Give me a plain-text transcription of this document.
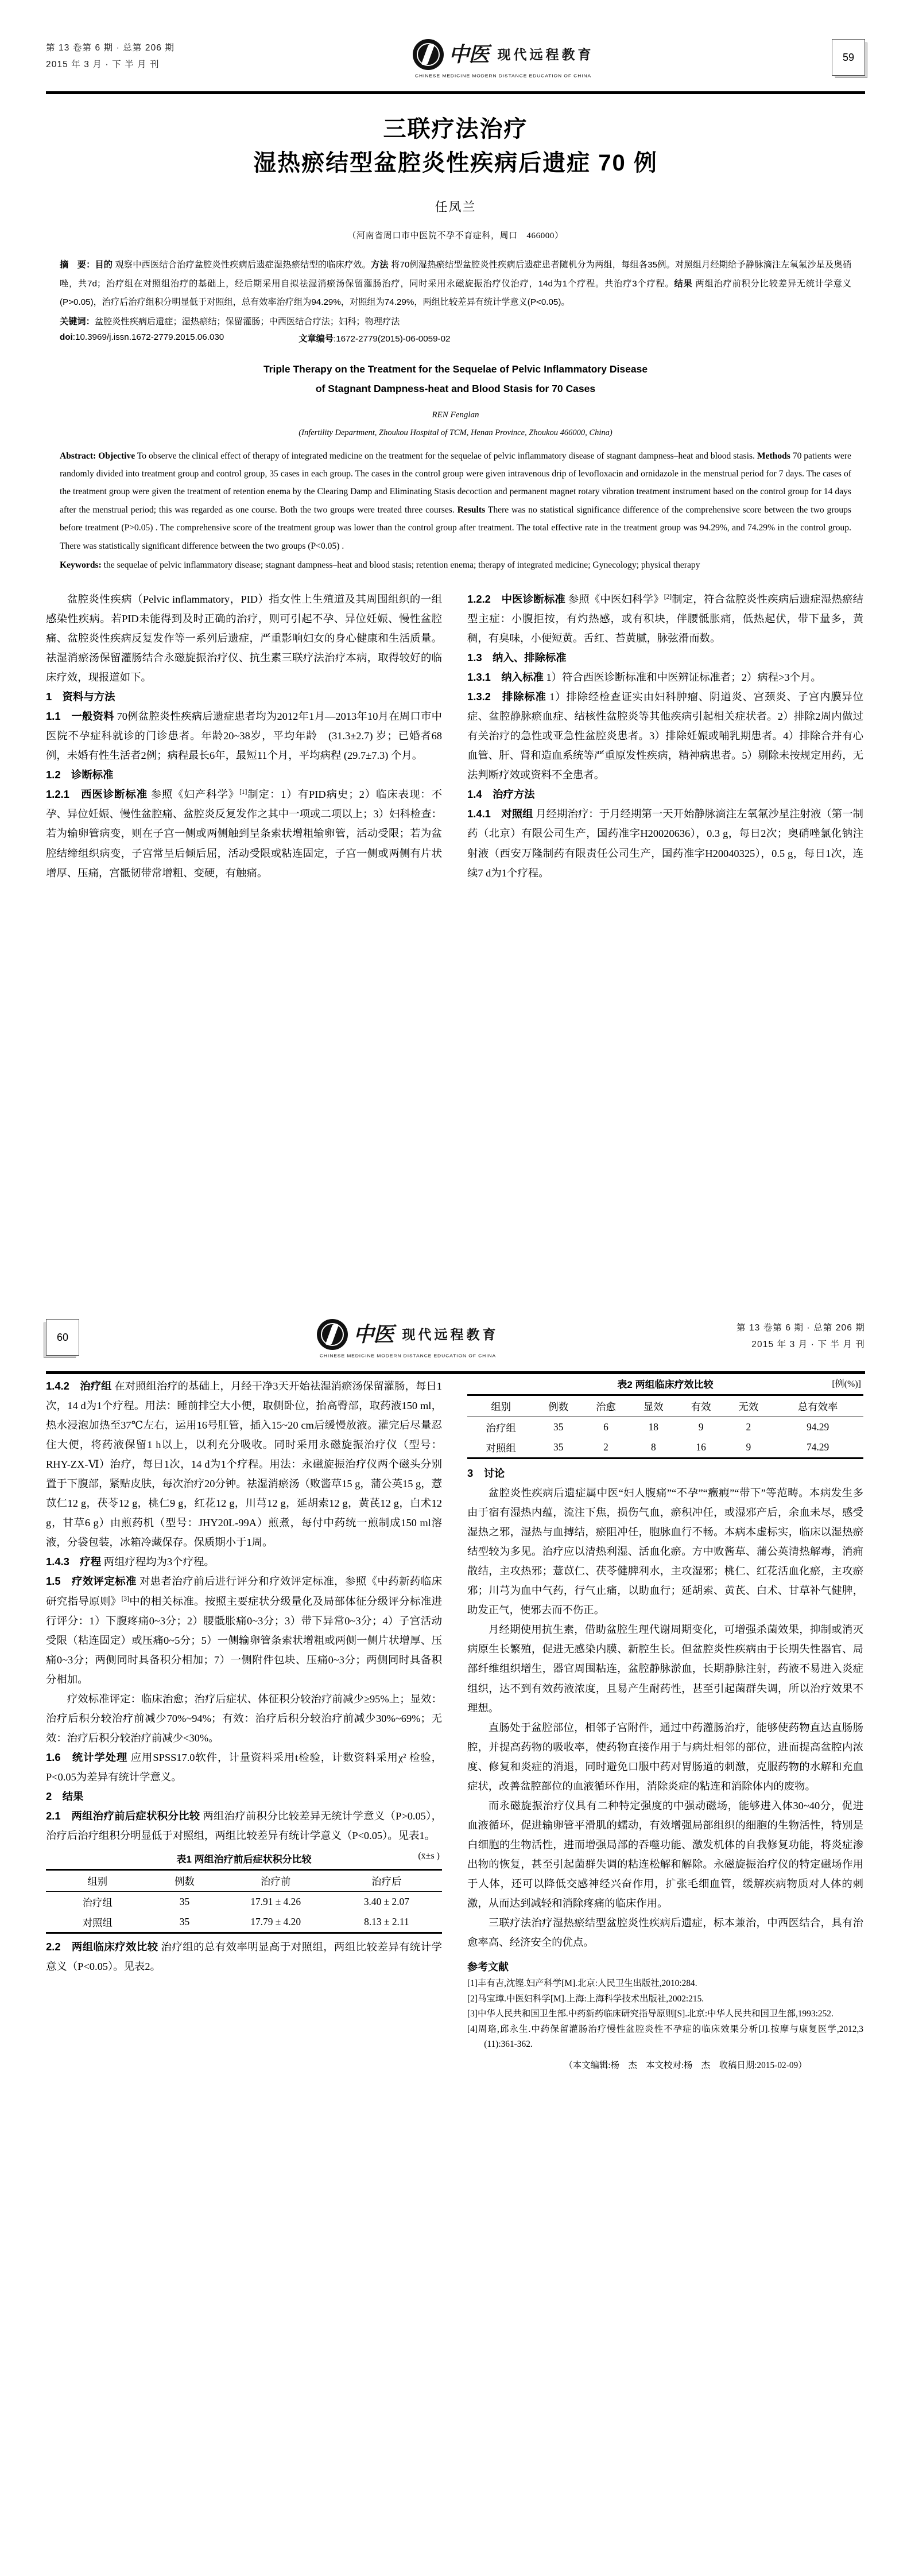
第 13 卷第 6 期 · 总第 206 期
2015 年 3 月 · 下 半 月 刊	中医 现代远程教育
CHINESE MEDICINE MODERN DISTANCE EDUCATION OF CHINA
59
三联疗法治疗
湿热瘀结型盆腔炎性疾病后遗症 70 例
任凤兰
（河南省周口市中医院不孕不育症科，周口　466000）
摘　要：目的 观察中西医结合治疗盆腔炎性疾病后遗症湿热瘀结型的临床疗效。方法 将70例湿热瘀结型盆腔炎性疾病后遗症患者随机分为两组，每组各35例。对照组月经期给予静脉滴注左氧氟沙星及奥硝唑，共7d；治疗组在对照组治疗的基础上，经后期采用自拟祛湿消瘀汤保留灌肠治疗，同时采用永磁旋振治疗仪治疗，14d为1个疗程。共治疗3个疗程。结果 两组治疗前积分比较差异无统计学意义(P>0.05)，治疗后治疗组积分明显低于对照组，总有效率治疗组为94.29%，对照组为74.29%，两组比较差异有统计学意义(P<0.05)。
关键词：盆腔炎性疾病后遗症；湿热瘀结；保留灌肠；中西医结合疗法；妇科；物理疗法
doi:10.3969/j.issn.1672-2779.2015.06.030	文章编号:1672-2779(2015)-06-0059-02
Triple Therapy on the Treatment for the Sequelae of Pelvic Inflammatory Disease
of Stagnant Dampness-heat and Blood Stasis for 70 Cases
REN Fenglan
(Infertility Department, Zhoukou Hospital of TCM, Henan Province, Zhoukou 466000, China)
Abstract: Objective To observe the clinical effect of therapy of integrated medicine on the treatment for the sequelae of pelvic inflammatory disease of stagnant dampness–heat and blood stasis. Methods 70 patients were randomly divided into treatment group and control group, 35 cases in each group. The cases in the control group were given intravenous drip of levofloxacin and ornidazole in the menstrual period for 7 days. The cases of the treatment group were given the treatment of retention enema by the Clearing Damp and Eliminating Stasis decoction and permanent magnet rotary vibration treatment instrument based on the control group for 14 days after the menstrual period; this was regarded as one course. Both the two groups were treated three courses. Results There was no statistical significance difference of the comprehensive score between the two groups before treatment (P>0.05) . The comprehensive score of the treatment group was lower than the control group after treatment. The total effective rate in the treatment group was 94.29%, and 74.29% in the control group. There was statistically significant difference between the two groups (P<0.05) .
Keywords: the sequelae of pelvic inflammatory disease; stagnant dampness–heat and blood stasis; retention enema; therapy of integrated medicine; Gynecology; physical therapy

盆腔炎性疾病（Pelvic inflammatory，PID）指女性上生殖道及其周围组织的一组感染性疾病。若PID未能得到及时正确的治疗，则可引起不孕、异位妊娠、慢性盆腔痛、盆腔炎性疾病反复发作等一系列后遗症，严重影响妇女的身心健康和生活质量。祛湿消瘀汤保留灌肠结合永磁旋振治疗仪、抗生素三联疗法治疗本病，取得较好的临床疗效，现报道如下。

1　资料与方法

1.1　一般资料 70例盆腔炎性疾病后遗症患者均为2012年1月—2013年10月在周口市中医院不孕症科就诊的门诊患者。年龄20~38岁，平均年龄　(31.3±2.7) 岁；已婚者68例，未婚有性生活者2例；病程最长6年，最短11个月，平均病程 (29.7±7.3) 个月。

1.2　诊断标准

1.2.1　西医诊断标准 参照《妇产科学》[1]制定：1）有PID病史；2）临床表现：不孕、异位妊娠、慢性盆腔痛、盆腔炎反复发作之其中一项或二项以上；3）妇科检查：若为输卵管病变，则在子宫一侧或两侧触到呈条索状增粗输卵管，活动受限；若为盆腔结缔组织病变，子宫常呈后倾后屈，活动受限或粘连固定，子宫一侧或两侧有片状增厚、压痛，宫骶韧带常增粗、变硬，有触痛。

1.2.2　中医诊断标准 参照《中医妇科学》[2]制定，符合盆腔炎性疾病后遗症湿热瘀结型主症：小腹拒按，有灼热感，或有积块，伴腰骶胀痛，低热起伏，带下量多，黄稠，有臭味，小便短黄。舌红、苔黄腻，脉弦滑而数。

1.3　纳入、排除标准

1.3.1　纳入标准 1）符合西医诊断标准和中医辨证标准者；2）病程>3个月。

1.3.2　排除标准 1）排除经检查证实由妇科肿瘤、阴道炎、宫颈炎、子宫内膜异位症、盆腔静脉瘀血症、结核性盆腔炎等其他疾病引起相关症状者。2）排除2周内做过有关治疗的急性或亚急性盆腔炎患者。3）排除妊娠或哺乳期患者。4）排除合并有心血管、肝、肾和造血系统等严重原发性疾病，精神病患者。5）剔除未按规定用药，无法判断疗效或资料不全患者。

1.4　治疗方法

1.4.1　对照组 月经期治疗：于月经期第一天开始静脉滴注左氧氟沙星注射液（第一制药（北京）有限公司生产，国药准字H20020636），0.3 g，每日2次；奥硝唑氯化钠注射液（西安万隆制药有限责任公司生产，国药准字H20040325），0.5 g，每日1次，连续7 d为1个疗程。

60	中医 现代远程教育
CHINESE MEDICINE MODERN DISTANCE EDUCATION OF CHINA
第 13 卷第 6 期 · 总第 206 期
2015 年 3 月 · 下 半 月 刊

1.4.2　治疗组 在对照组治疗的基础上，月经干净3天开始祛湿消瘀汤保留灌肠，每日1次，14 d为1个疗程。用法：睡前排空大小便，取侧卧位，抬高臀部，取药液150 ml，热水浸泡加热至37℃左右，运用16号肛管，插入15~20 cm后缓慢放液。灌完后尽量忍住大便，将药液保留1 h以上，以利充分吸收。同时采用永磁旋振治疗仪（型号：RHY-ZX-Ⅵ）治疗，每日1次，14 d为1个疗程。用法：永磁旋振治疗仪两个磁头分别置于下腹部，紧贴皮肤，每次治疗20分钟。祛湿消瘀汤（败酱草15 g，蒲公英15 g，薏苡仁12 g，茯苓12 g，桃仁9 g，红花12 g，川芎12 g，延胡索12 g，黄芪12 g，白术12 g，甘草6 g）由煎药机（型号：JHY20L-99A）煎煮，每付中药统一煎制成150 ml溶液，分袋包装，冰箱冷藏保存。保质期小于1周。

1.4.3　疗程 两组疗程均为3个疗程。

1.5　疗效评定标准 对患者治疗前后进行评分和疗效评定标准，参照《中药新药临床研究指导原则》[3]中的相关标准。按照主要症状分级量化及局部体征分级评分标准进行评分：1）下腹疼痛0~3分；2）腰骶胀痛0~3分；3）带下异常0~3分；4）子宫活动受限（粘连固定）或压痛0~5分；5）一侧输卵管条索状增粗或两侧一侧片状增厚、压痛0~3分；两侧同时具备积分相加；7）一侧附件包块、压痛0~3分；两侧同时具备积分相加。

疗效标准评定：临床治愈；治疗后症状、体征积分较治疗前减少≥95%上；显效：治疗后积分较治疗前减少70%~94%；有效：治疗后积分较治疗前减少30%~69%；无效：治疗后积分较治疗前减少<30%。

1.6　统计学处理 应用SPSS17.0软件，计量资料采用t检验，计数资料采用χ² 检验，P<0.05为差异有统计学意义。

2　结果

2.1　两组治疗前后症状积分比较 两组治疗前积分比较差异无统计学意义（P>0.05），治疗后治疗组积分明显低于对照组，两组比较差异有统计学意义（P<0.05）。见表1。

表1 两组治疗前后症状积分比较	(x̄±s )
组别	例数	治疗前	治疗后
治疗组	35	17.91 ± 4.26	3.40 ± 2.07
对照组	35	17.79 ± 4.20	8.13 ± 2.11

2.2　两组临床疗效比较 治疗组的总有效率明显高于对照组，两组比较差异有统计学意义（P<0.05）。见表2。

表2 两组临床疗效比较	[例(%)]
组别	例数	治愈	显效	有效	无效	总有效率
治疗组	35	6	18	9	2	94.29
对照组	35	2	8	16	9	74.29

3　讨论

盆腔炎性疾病后遗症属中医“妇人腹痛”“不孕”“癥瘕”“带下”等范畴。本病发生多由于宿有湿热内蕴，流注下焦，损伤气血，瘀积冲任，或湿邪产后，余血未尽，感受湿热之邪，湿热与血搏结，瘀阻冲任，胞脉血行不畅。本病本虚标实，临床以湿热瘀结型较为多见。治疗应以清热利湿、活血化瘀。方中败酱草、蒲公英清热解毒，消痈散结，主攻热邪；薏苡仁、茯苓健脾利水，主攻湿邪；桃仁、红花活血化瘀，主攻瘀邪；川芎为血中气药，行气止痛，以助血行；延胡索、黄芪、白术、甘草补气健脾，助发正气，使邪去而不伤正。

月经期使用抗生素，借助盆腔生理代谢周期变化，可增强杀菌效果，抑制或消灭病原生长繁殖，促进无感染内膜、新腔生长。但盆腔炎性疾病由于长期失性器官、局部纤维组织增生，器官周围粘连，盆腔静脉淤血，长期静脉注射，药液不易进入炎症组织，达不到有效药液浓度，且易产生耐药性，甚至引起菌群失调，所以治疗效果不理想。

直肠处于盆腔部位，相邻子宫附件，通过中药灌肠治疗，能够使药物直达直肠肠腔，并提高药物的吸收率，使药物直接作用于与病灶相邻的部位，进而提高盆腔内浓度、修复和炎症的消退，同时避免口服中药对胃肠道的刺激，克服药物的水解和充血症状，改善盆腔部位的血液循环作用，消除炎症的粘连和消除体内的废物。

而永磁旋振治疗仪具有二种特定强度的中强动磁场，能够进入体30~40分，促进血液循环，促进输卵管平滑肌的蠕动，有效增强局部组织的细胞的生物活性，特别是白细胞的生物活性，进而增强局部的吞噬功能、激发机体的自我修复功能，将炎症渗出物的恢复，甚至引起菌群失调的粘连松解和解除。永磁旋振治疗仪的特定磁场作用于人体，还可以降低交感神经兴奋作用，扩张毛细血管，缓解疾病物质对人体的刺激，从而达到减轻和消除疼痛的临床作用。

三联疗法治疗湿热瘀结型盆腔炎性疾病后遗症，标本兼治，中西医结合，具有治愈率高、经济安全的优点。

参考文献

[1]丰有吉,沈铿.妇产科学[M].北京:人民卫生出版社,2010:284.

[2]马宝璋.中医妇科学[M].上海:上海科学技术出版社,2002:215.

[3]中华人民共和国卫生部.中药新药临床研究指导原则[S].北京:中华人民共和国卫生部,1993:252.

[4]周珞,邱永生.中药保留灌肠治疗慢性盆腔炎性不孕症的临床效果分析[J].按摩与康复医学,2012,3 (11):361-362.

（本文编辑:杨　杰　本文校对:杨　杰　收稿日期:2015-02-09）
